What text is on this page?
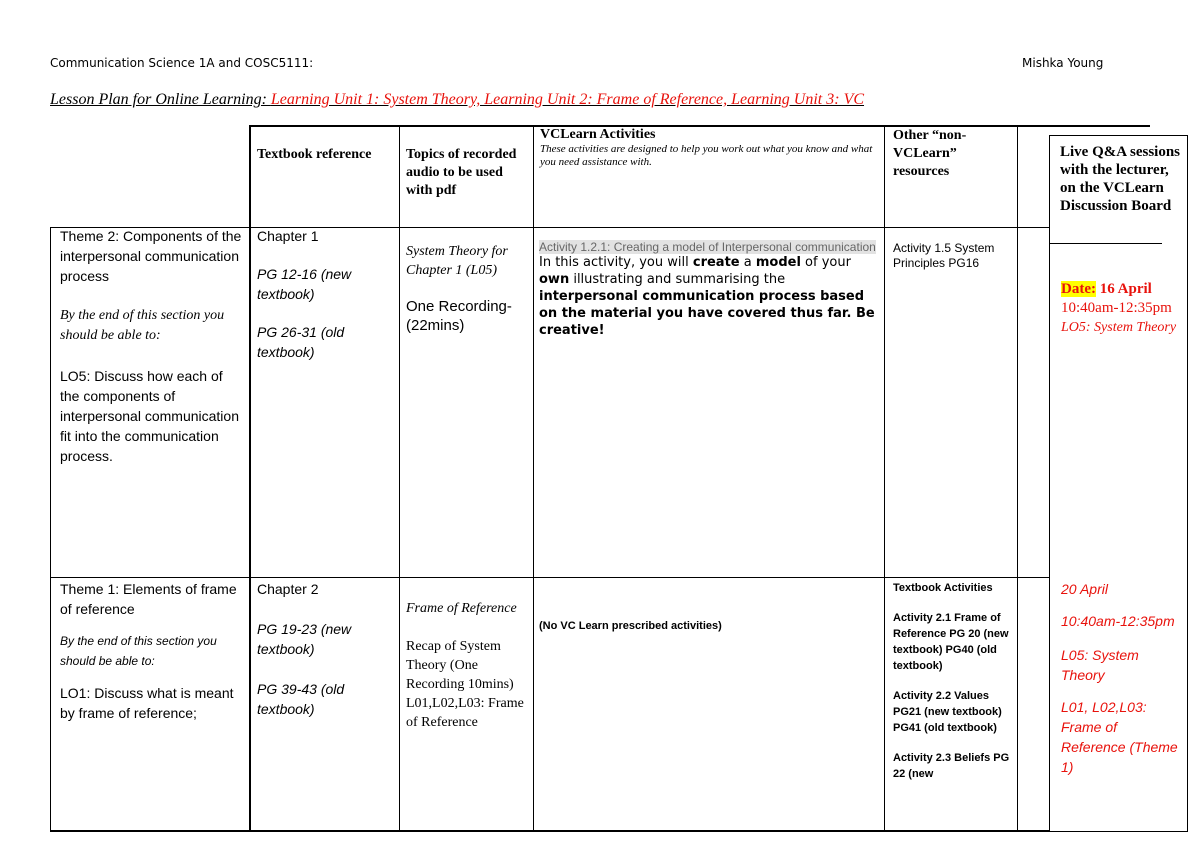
Communication Science 1A and COSC5111:	Mishka Young
Lesson Plan for Online Learning: Learning Unit 1: System Theory, Learning Unit 2: Frame of Reference, Learning Unit 3: VC
Textbook reference	Topics of recorded audio to be used with pdf

VCLearn Activities

These activities are designed to help you work out what you know and what you need assistance with.

Other “non-VCLearn” resources

Theme 2: Components of the interpersonal communication process

By the end of this section you should be able to:

LO5: Discuss how each of the components of interpersonal communication fit into the communication process.

Chapter 1

PG 12-16 (new textbook)

PG 26-31 (old textbook)

System Theory for Chapter 1 (L05)

One Recording- (22mins)

Activity 1.2.1: Creating a model of Interpersonal communication

In this activity, you will create a model of your own illustrating and summarising the interpersonal communication process based on the material you have covered thus far. Be creative!

Activity 1.5 System Principles PG16

Theme 1: Elements of frame of reference

By the end of this section you should be able to:

LO1: Discuss what is meant by frame of reference;

Chapter 2

PG 19-23 (new textbook)

PG 39-43 (old textbook)

Frame of Reference

Recap of System Theory (One Recording 10mins) L01,L02,L03: Frame of Reference

(No VC Learn prescribed activities)

Textbook Activities

Activity 2.1 Frame of Reference PG 20 (new textbook) PG40 (old textbook)

Activity 2.2 Values PG21 (new textbook) PG41 (old textbook)

Activity 2.3 Beliefs PG 22 (new

Live Q&A sessions with the lecturer, on the VCLearn Discussion Board

Date: 16 April

10:40am-12:35pm

LO5: System Theory

20 April

10:40am-12:35pm

L05: System Theory

L01, L02,L03: Frame of Reference (Theme 1)
